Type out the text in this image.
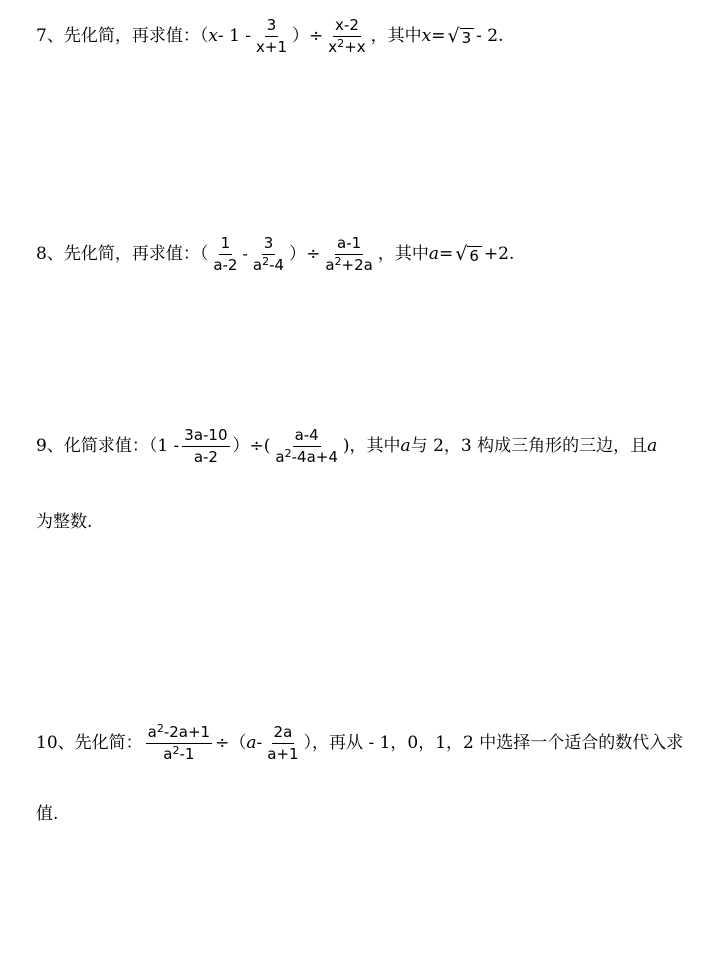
7、先化简，再求值：（ x - $1 - \frac{3}{x+1}$ ）÷ $\frac{x-2}{x^2+x}$ ，其中 x = √ 3 - 2.
8、先化简，再求值：（ $\frac{1}{a-2} - \frac{3}{a^2-4}$ ）÷ $\frac{a-1}{a^2+2a}$ ，其中 a = √ 6 +2.
9、化简求值：（$1 - \frac{3a-10}{a-2}$ ）÷( $\frac{a-4}{a^2-4a+4}$ )，其中 a 与 2，3 构成三角形的三边，且 a
为整数.
10、先化简： $\frac{a^2-2a+1}{a^2-1}$ ÷（ a - $\frac{2a}{a+1}$ ），再从 - 1，0，1，2 中选择一个适合的数代入求
值.
